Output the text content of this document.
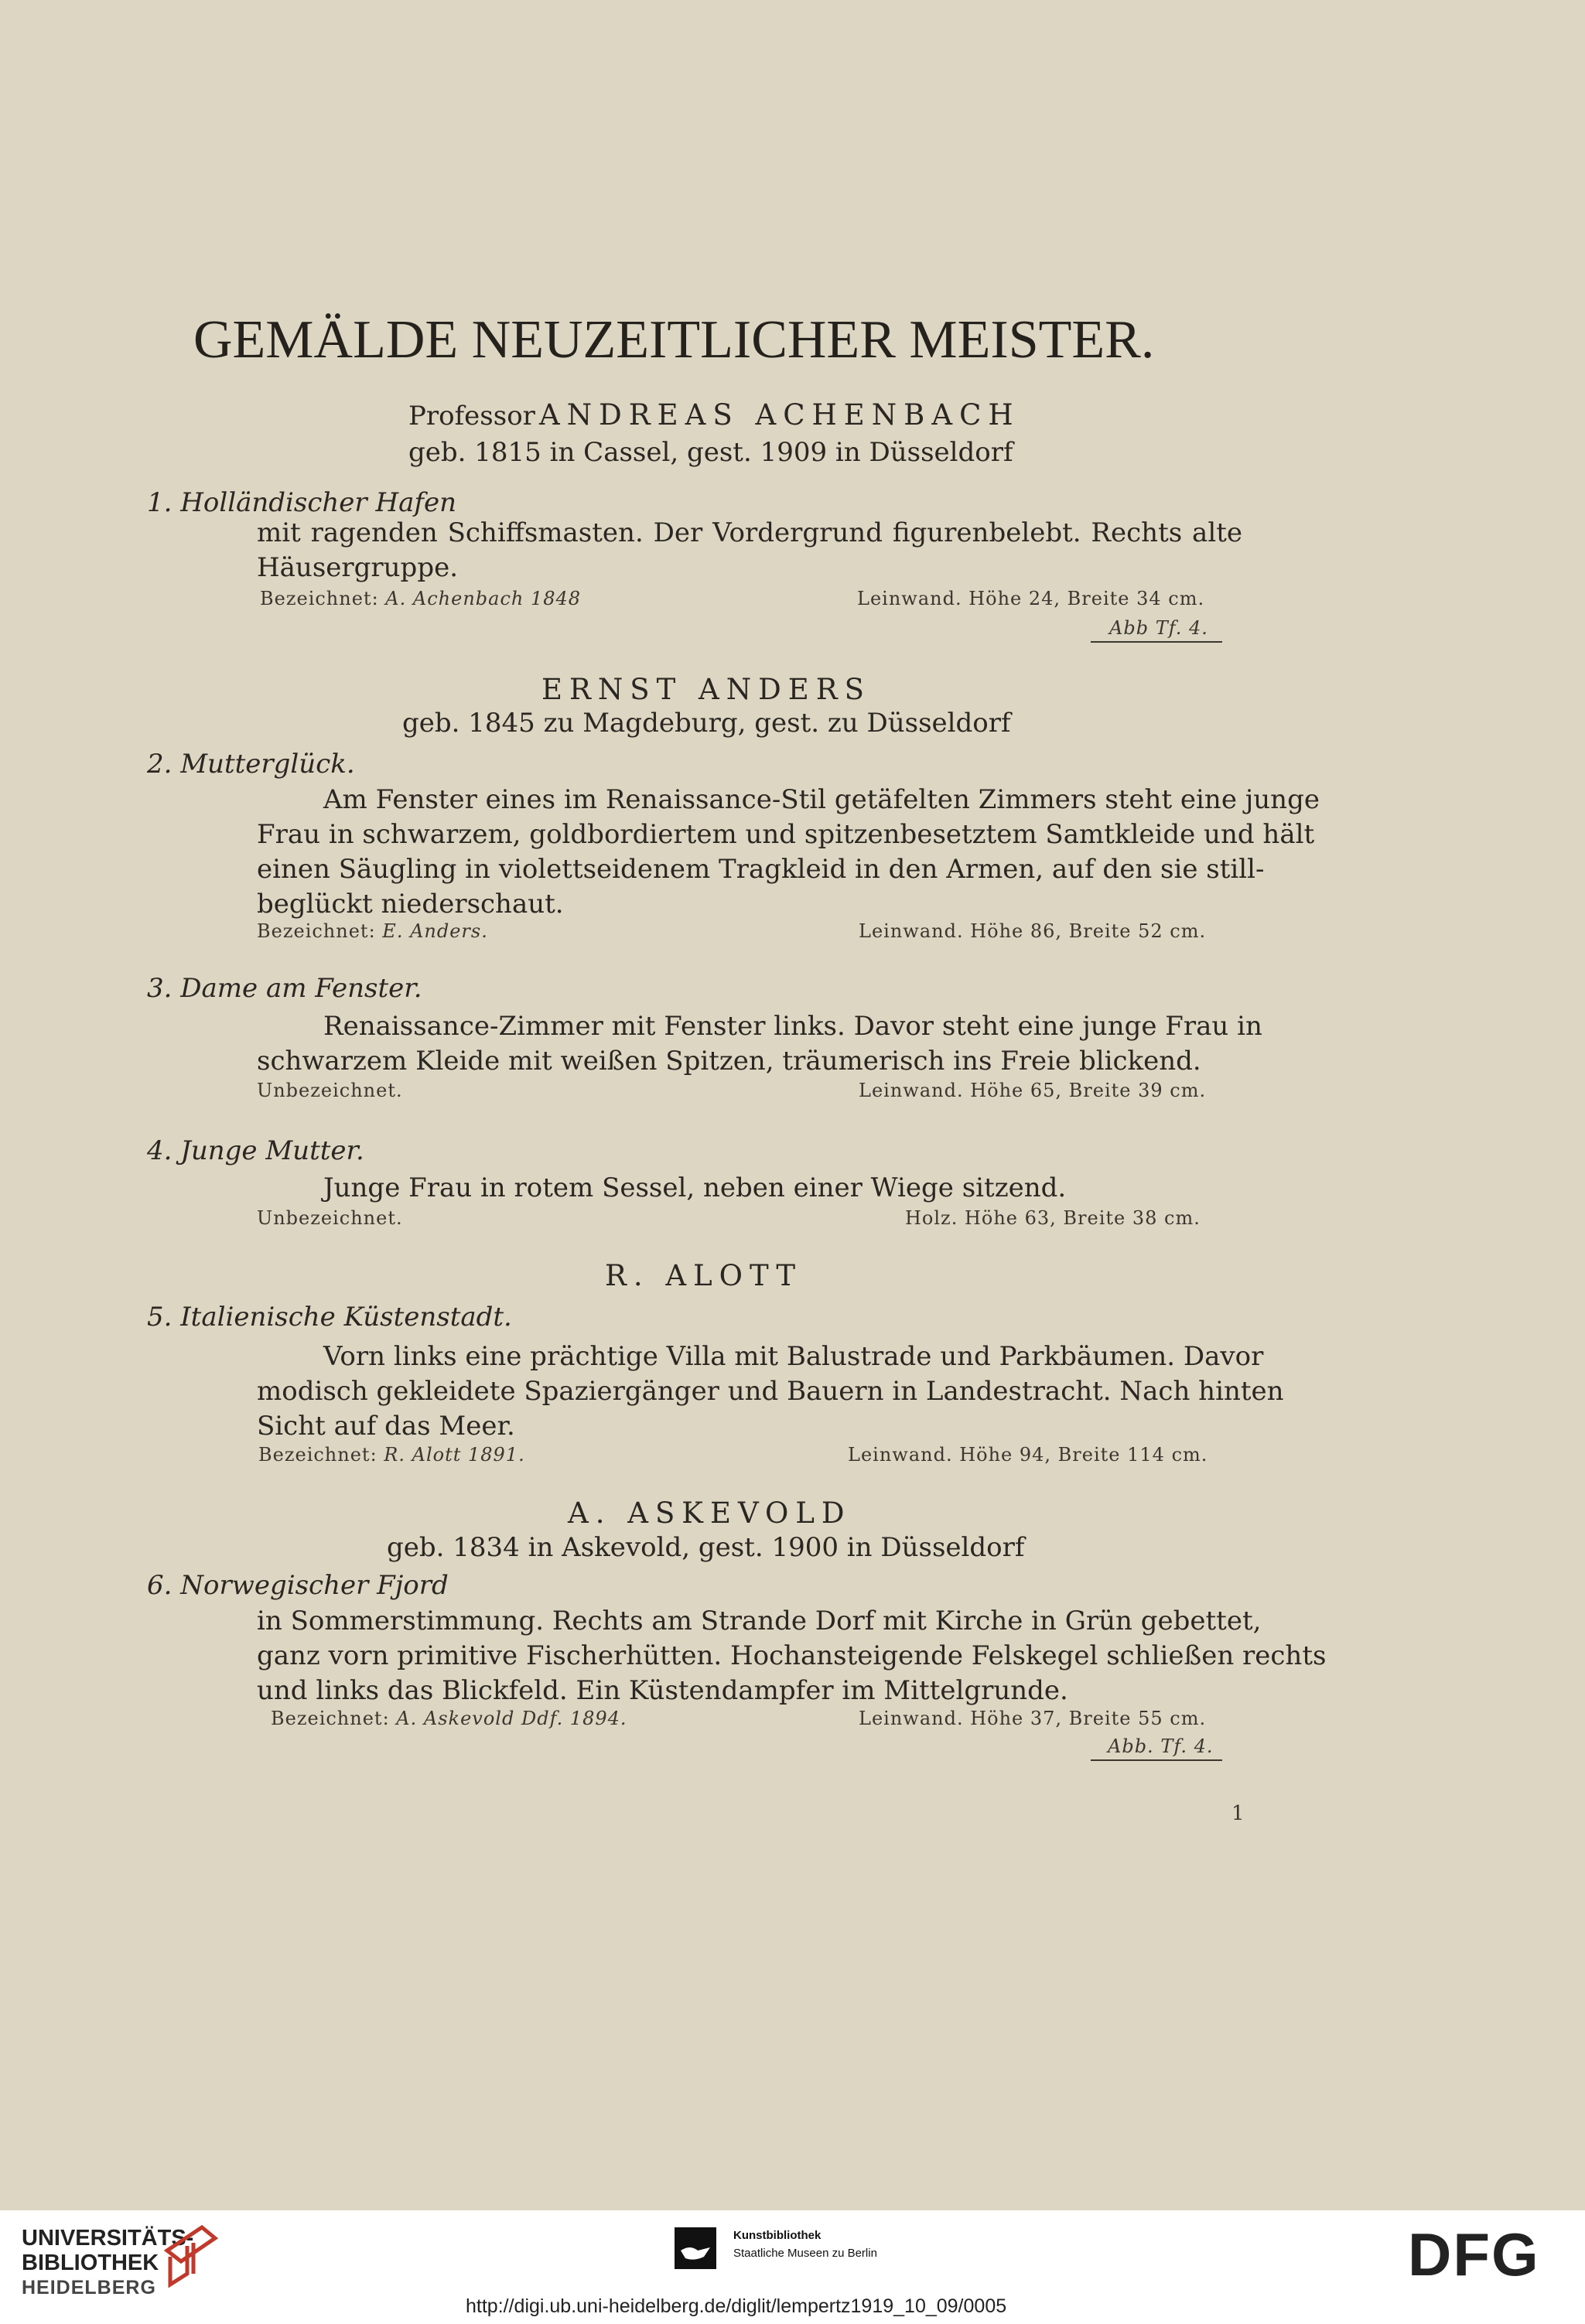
GEMÄLDE NEUZEITLICHER MEISTER.
Professor ANDREAS ACHENBACH
geb. 1815 in Cassel, gest. 1909 in Düsseldorf
1. Holländischer Hafen
mit ragenden Schiffsmasten. Der Vordergrund figurenbelebt. Rechts alte
Häusergruppe.
Bezeichnet: A. Achenbach 1848	Leinwand. Höhe 24, Breite 34 cm.
Abb Tf. 4.
ERNST ANDERS
geb. 1845 zu Magdeburg, gest. zu Düsseldorf
2. Mutterglück.
Am Fenster eines im Renaissance-Stil getäfelten Zimmers steht eine junge
Frau in schwarzem, goldbordiertem und spitzenbesetztem Samtkleide und hält
einen Säugling in violettseidenem Tragkleid in den Armen, auf den sie still-
beglückt niederschaut.
Bezeichnet: E. Anders.	Leinwand. Höhe 86, Breite 52 cm.
3. Dame am Fenster.
Renaissance-Zimmer mit Fenster links. Davor steht eine junge Frau in
schwarzem Kleide mit weißen Spitzen, träumerisch ins Freie blickend.
Unbezeichnet.	Leinwand. Höhe 65, Breite 39 cm.
4. Junge Mutter.
Junge Frau in rotem Sessel, neben einer Wiege sitzend.
Unbezeichnet.	Holz. Höhe 63, Breite 38 cm.
R. ALOTT
5. Italienische Küstenstadt.
Vorn links eine prächtige Villa mit Balustrade und Parkbäumen. Davor
modisch gekleidete Spaziergänger und Bauern in Landestracht. Nach hinten
Sicht auf das Meer.
Bezeichnet: R. Alott 1891.	Leinwand. Höhe 94, Breite 114 cm.
A. ASKEVOLD
geb. 1834 in Askevold, gest. 1900 in Düsseldorf
6. Norwegischer Fjord
in Sommerstimmung. Rechts am Strande Dorf mit Kirche in Grün gebettet,
ganz vorn primitive Fischerhütten. Hochansteigende Felskegel schließen rechts
und links das Blickfeld. Ein Küstendampfer im Mittelgrunde.
Bezeichnet: A. Askevold Ddf. 1894.	Leinwand. Höhe 37, Breite 55 cm.
Abb. Tf. 4.
1
UNIVERSITÄTS-
BIBLIOTHEK
HEIDELBERG
Kunstbibliothek
Staatliche Museen zu Berlin	DFG
http://digi.ub.uni-heidelberg.de/diglit/lempertz1919_10_09/0005
